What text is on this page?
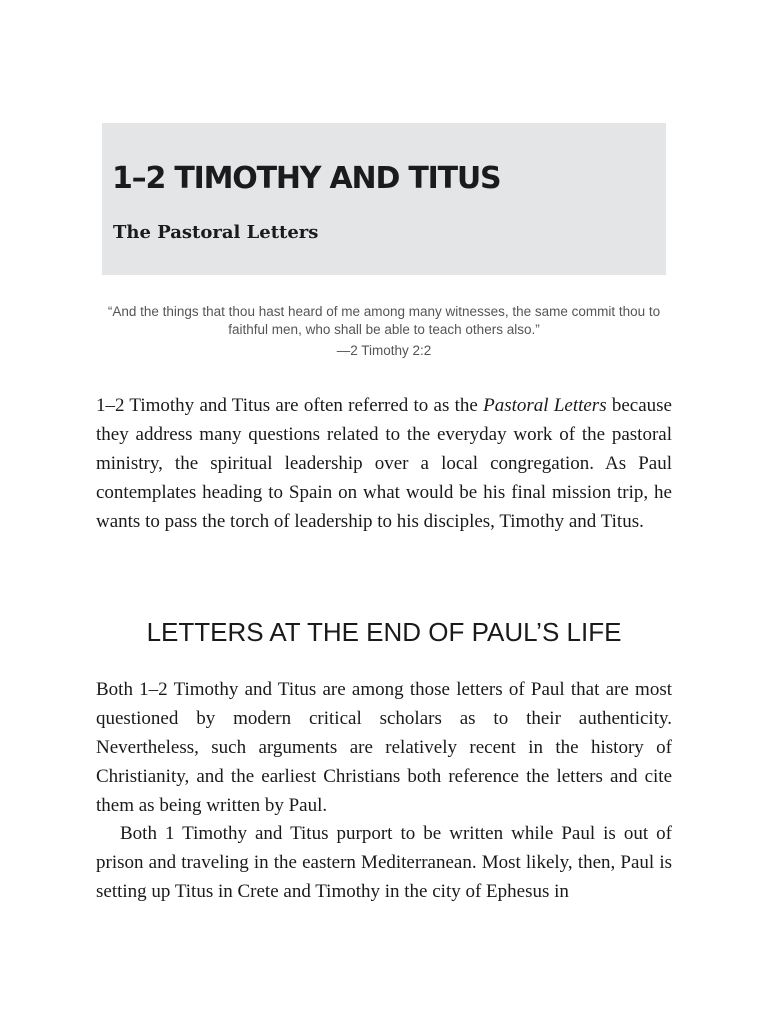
1–2 TIMOTHY AND TITUS
The Pastoral Letters
“And the things that thou hast heard of me among many witnesses, the same commit thou to faithful men, who shall be able to teach others also.”
—2 Timothy 2:2

1–2 Timothy and Titus are often referred to as the Pastoral Letters because they address many questions related to the everyday work of the pastoral ministry, the spiritual leadership over a local congregation. As Paul contemplates heading to Spain on what would be his final mission trip, he wants to pass the torch of leadership to his disciples, Timothy and Titus.

LETTERS AT THE END OF PAUL’S LIFE

Both 1–2 Timothy and Titus are among those letters of Paul that are most questioned by modern critical scholars as to their authenticity. Nevertheless, such arguments are relatively recent in the history of Christianity, and the earliest Christians both reference the letters and cite them as being written by Paul.

Both 1 Timothy and Titus purport to be written while Paul is out of prison and traveling in the eastern Mediterranean. Most likely, then, Paul is setting up Titus in Crete and Timothy in the city of Ephesus in
